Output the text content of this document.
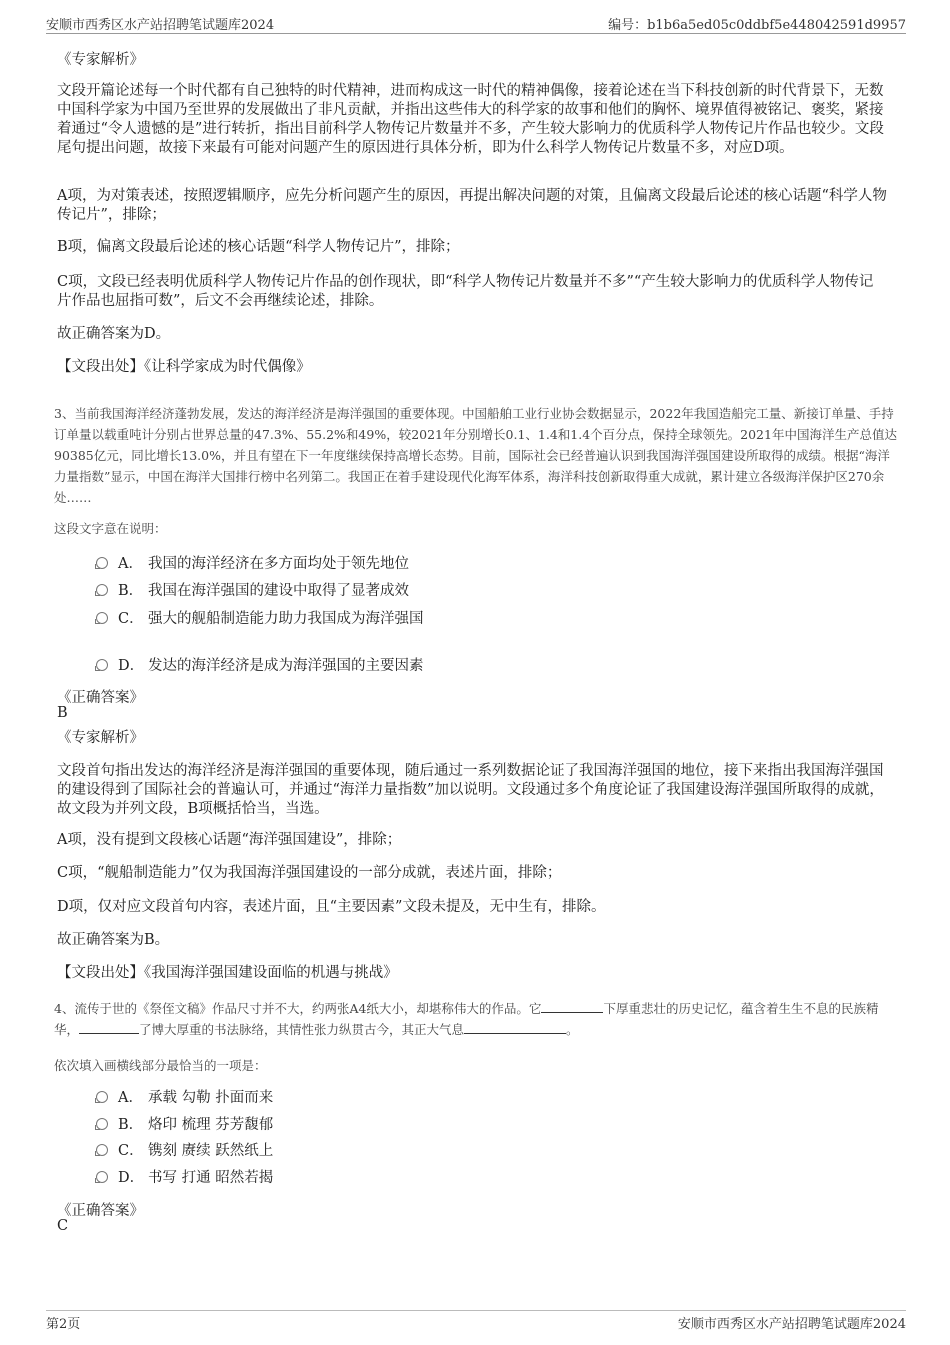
安顺市西秀区水产站招聘笔试题库2024	编号：b1b6a5ed05c0ddbf5e448042591d9957
《专家解析》
文段开篇论述每一个时代都有自己独特的时代精神，进而构成这一时代的精神偶像，接着论述在当下科技创新的时代背景下，无数中国科学家为中国乃至世界的发展做出了非凡贡献，并指出这些伟大的科学家的故事和他们的胸怀、境界值得被铭记、褒奖，紧接着通过“令人遗憾的是”进行转折，指出目前科学人物传记片数量并不多，产生较大影响力的优质科学人物传记片作品也较少。文段尾句提出问题，故接下来最有可能对问题产生的原因进行具体分析，即为什么科学人物传记片数量不多，对应D项。
A项，为对策表述，按照逻辑顺序，应先分析问题产生的原因，再提出解决问题的对策，且偏离文段最后论述的核心话题“科学人物传记片”，排除；
B项，偏离文段最后论述的核心话题“科学人物传记片”，排除；
C项，文段已经表明优质科学人物传记片作品的创作现状，即“科学人物传记片数量并不多”“产生较大影响力的优质科学人物传记片作品也屈指可数”，后文不会再继续论述，排除。
故正确答案为D。
【文段出处】《让科学家成为时代偶像》
3、当前我国海洋经济蓬勃发展，发达的海洋经济是海洋强国的重要体现。中国船舶工业行业协会数据显示，2022年我国造船完工量、新接订单量、手持订单量以载重吨计分别占世界总量的47.3%、55.2%和49%，较2021年分别增长0.1、1.4和1.4个百分点，保持全球领先。2021年中国海洋生产总值达90385亿元，同比增长13.0%，并且有望在下一年度继续保持高增长态势。目前，国际社会已经普遍认识到我国海洋强国建设所取得的成绩。根据“海洋力量指数”显示，中国在海洋大国排行榜中名列第二。我国正在着手建设现代化海军体系，海洋科技创新取得重大成就，累计建立各级海洋保护区270余处……
这段文字意在说明：
A． 我国的海洋经济在多方面均处于领先地位
B． 我国在海洋强国的建设中取得了显著成效
C． 强大的舰船制造能力助力我国成为海洋强国
D． 发达的海洋经济是成为海洋强国的主要因素
《正确答案》
B
《专家解析》
文段首句指出发达的海洋经济是海洋强国的重要体现，随后通过一系列数据论证了我国海洋强国的地位，接下来指出我国海洋强国的建设得到了国际社会的普遍认可，并通过“海洋力量指数”加以说明。文段通过多个角度论证了我国建设海洋强国所取得的成就，故文段为并列文段，B项概括恰当，当选。
A项，没有提到文段核心话题“海洋强国建设”，排除；
C项，“舰船制造能力”仅为我国海洋强国建设的一部分成就，表述片面，排除；
D项，仅对应文段首句内容，表述片面，且“主要因素”文段未提及，无中生有，排除。
故正确答案为B。
【文段出处】《我国海洋强国建设面临的机遇与挑战》
4、流传于世的《祭侄文稿》作品尺寸并不大，约两张A4纸大小，却堪称伟大的作品。它	下厚重悲壮的历史记忆，蕴含着生生不息的民族精华，	了博大厚重的书法脉络，其情性张力纵贯古今，其正大气息	。
依次填入画横线部分最恰当的一项是：
A． 承载 勾勒 扑面而来
B． 烙印 梳理 芬芳馥郁
C． 镌刻 赓续 跃然纸上
D． 书写 打通 昭然若揭
《正确答案》
C
第2页	安顺市西秀区水产站招聘笔试题库2024
